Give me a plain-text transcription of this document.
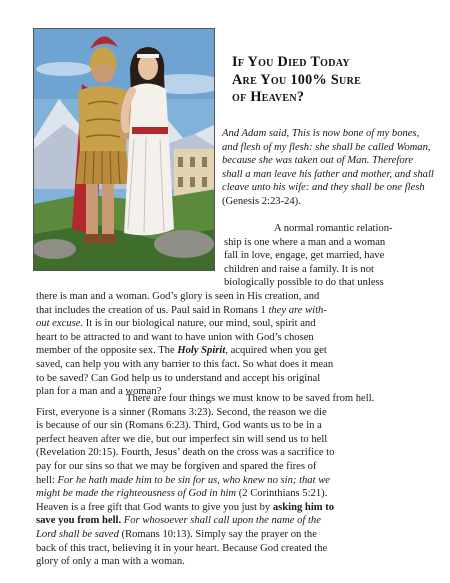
If You Died Today
Are You 100% Sure
of Heaven?
And Adam said, This is now bone of my bones, and flesh of my flesh: she shall be called Woman, because she was taken out of Man. Therefore shall a man leave his father and mother, and shall cleave unto his wife: and they shall be one flesh (Genesis 2:23-24).
A normal romantic relation-
ship is one where a man and a woman
fall in love, engage, get married, have
children and raise a family. It is not
biologically possible to do that unless
there is man and a woman. God’s glory is seen in His creation, and
that includes the creation of us. Paul said in Romans 1 they are with-
out excuse. It is in our biological nature, our mind, soul, spirit and
heart to be attracted to and want to have union with God’s chosen
member of the opposite sex. The Holy Spirit, acquired when you get
saved, can help you with any barrier to this fact. So what does it mean
to be saved? Can God help us to understand and accept his original
plan for a man and a woman?
There are four things we must know to be saved from hell.
First, everyone is a sinner (Romans 3:23). Second, the reason we die
is because of our sin (Romans 6:23). Third, God wants us to be in a
perfect heaven after we die, but our imperfect sin will send us to hell
(Revelation 20:15). Fourth, Jesus’ death on the cross was a sacrifice to
pay for our sins so that we may be forgiven and spared the fires of
hell: For he hath made him to be sin for us, who knew no sin; that we
might be made the righteousness of God in him (2 Corinthians 5:21).
Heaven is a free gift that God wants to give you just by asking him to
save you from hell. For whosoever shall call upon the name of the
Lord shall be saved (Romans 10:13). Simply say the prayer on the
back of this tract, believing it in your heart. Because God created the
glory of only a man with a woman.
